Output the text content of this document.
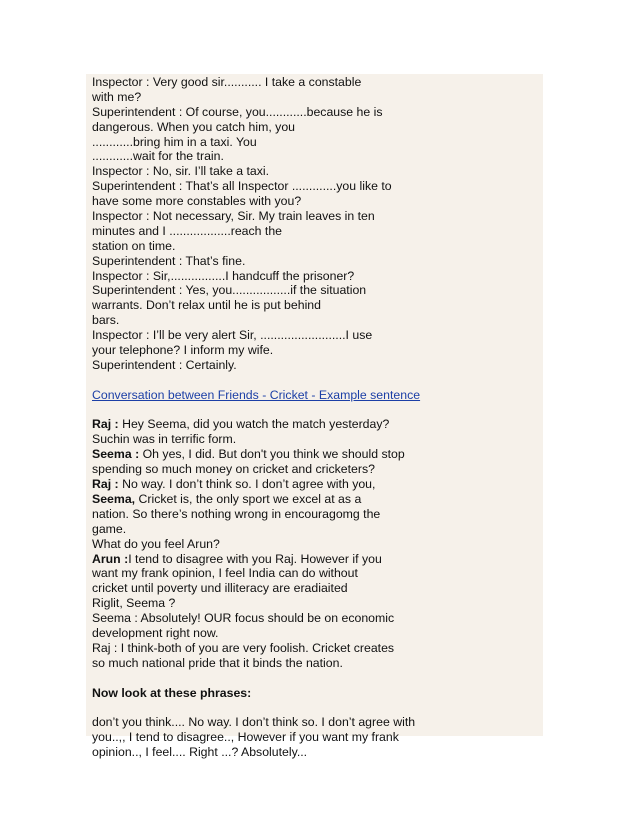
Inspector : Very good sir........... I take a constable
with me?
Superintendent : Of course, you............because he is
dangerous. When you catch him, you
............bring him in a taxi. You
............wait for the train.
Inspector : No, sir. I’ll take a taxi.
Superintendent : That’s all Inspector .............you like to
have some more constables with you?
Inspector : Not necessary, Sir. My train leaves in ten
minutes and I ..................reach the
station on time.
Superintendent : That’s fine.
Inspector : Sir,................I handcuff the prisoner?
Superintendent : Yes, you.................if the situation
warrants. Don’t relax until he is put behind
bars.
Inspector : I’ll be very alert Sir, .........................I use
your telephone? I inform my wife.
Superintendent : Certainly.
Conversation between Friends - Cricket - Example sentence
Raj : Hey Seema, did you watch the match yesterday?
Suchin was in terrific form.
Seema : Oh yes, I did. But don't you think we should stop
spending so much money on cricket and cricketers?
Raj : No way. I don’t think so. I don’t agree with you,
Seema, Cricket is, the only sport we excel at as a
nation. So there’s nothing wrong in encouragomg the
game.
What do you feel Arun?
Arun :I tend to disagree with you Raj. However if you
want my frank opinion, I feel India can do without
cricket until poverty und illiteracy are eradiaited
Riglit, Seema ?
Seema : Absolutely! OUR focus should be on economic
development right now.
Raj : I think-both of you are very foolish. Cricket creates
so much national pride that it binds the nation.
Now look at these phrases:
don’t you think.... No way. I don’t think so. I don’t agree with
you..,, I tend to disagree.., However if you want my frank
opinion.., I feel.... Right ...? Absolutely...
